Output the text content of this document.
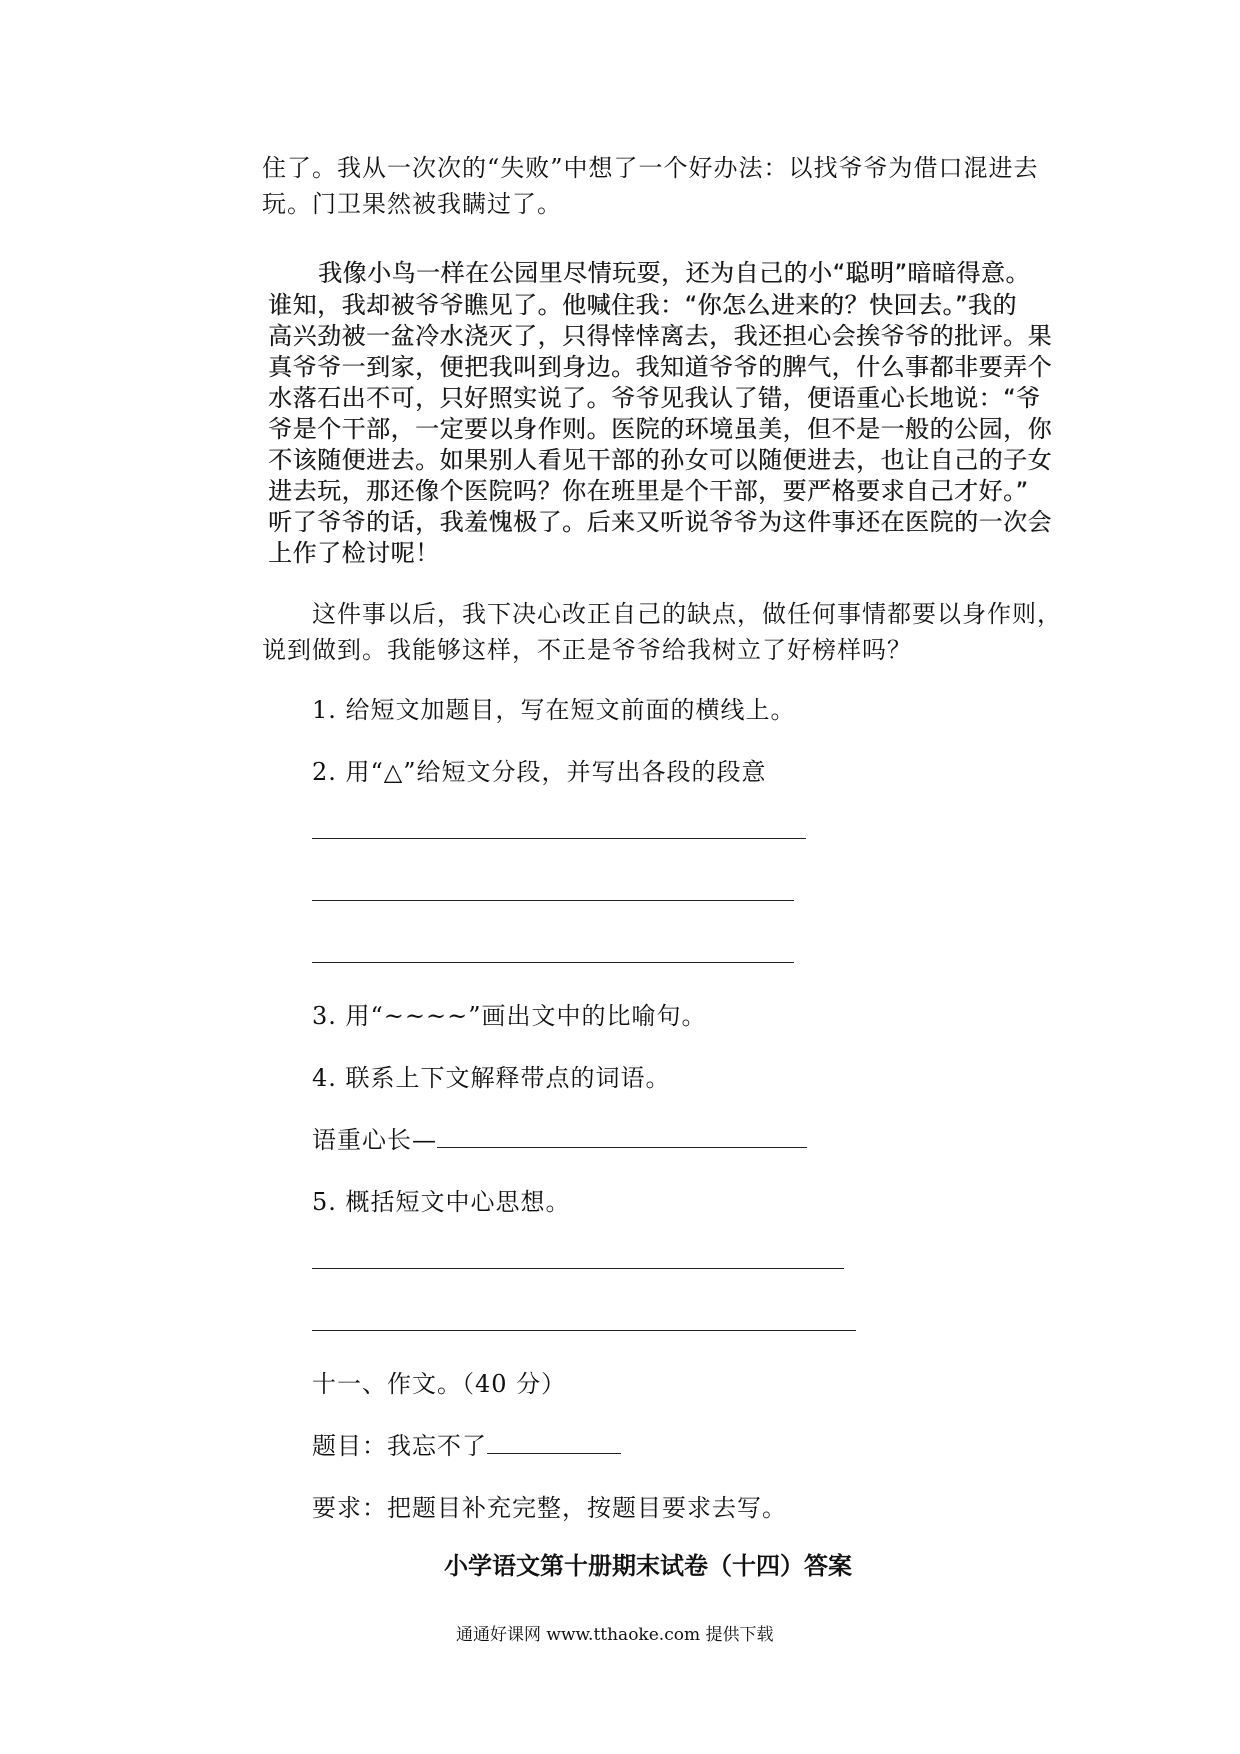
住了。我从一次次的“失败”中想了一个好办法：以找爷爷为借口混进去
玩。门卫果然被我瞒过了。
我像小鸟一样在公园里尽情玩耍，还为自己的小“聪明”暗暗得意。
谁知，我却被爷爷瞧见了。他喊住我：“你怎么进来的？快回去。”我的
高兴劲被一盆冷水浇灭了，只得悻悻离去，我还担心会挨爷爷的批评。果
真爷爷一到家，便把我叫到身边。我知道爷爷的脾气，什么事都非要弄个
水落石出不可，只好照实说了。爷爷见我认了错，便语重心长地说：“爷
爷是个干部，一定要以身作则。医院的环境虽美，但不是一般的公园，你
不该随便进去。如果别人看见干部的孙女可以随便进去，也让自己的子女
进去玩，那还像个医院吗？你在班里是个干部，要严格要求自己才好。”
听了爷爷的话，我羞愧极了。后来又听说爷爷为这件事还在医院的一次会
上作了检讨呢！
这件事以后，我下决心改正自己的缺点，做任何事情都要以身作则，
说到做到。我能够这样，不正是爷爷给我树立了好榜样吗？
1. 给短文加题目，写在短文前面的横线上。
2. 用“△”给短文分段，并写出各段的段意
3. 用“~~~~”画出文中的比喻句。
4. 联系上下文解释带点的词语。
语重心长—
5. 概括短文中心思想。
十一、作文。（40 分）
题目：我忘不了
要求：把题目补充完整，按题目要求去写。
小学语文第十册期末试卷（十四）答案
通通好课网 www.tthaoke.com 提供下载
